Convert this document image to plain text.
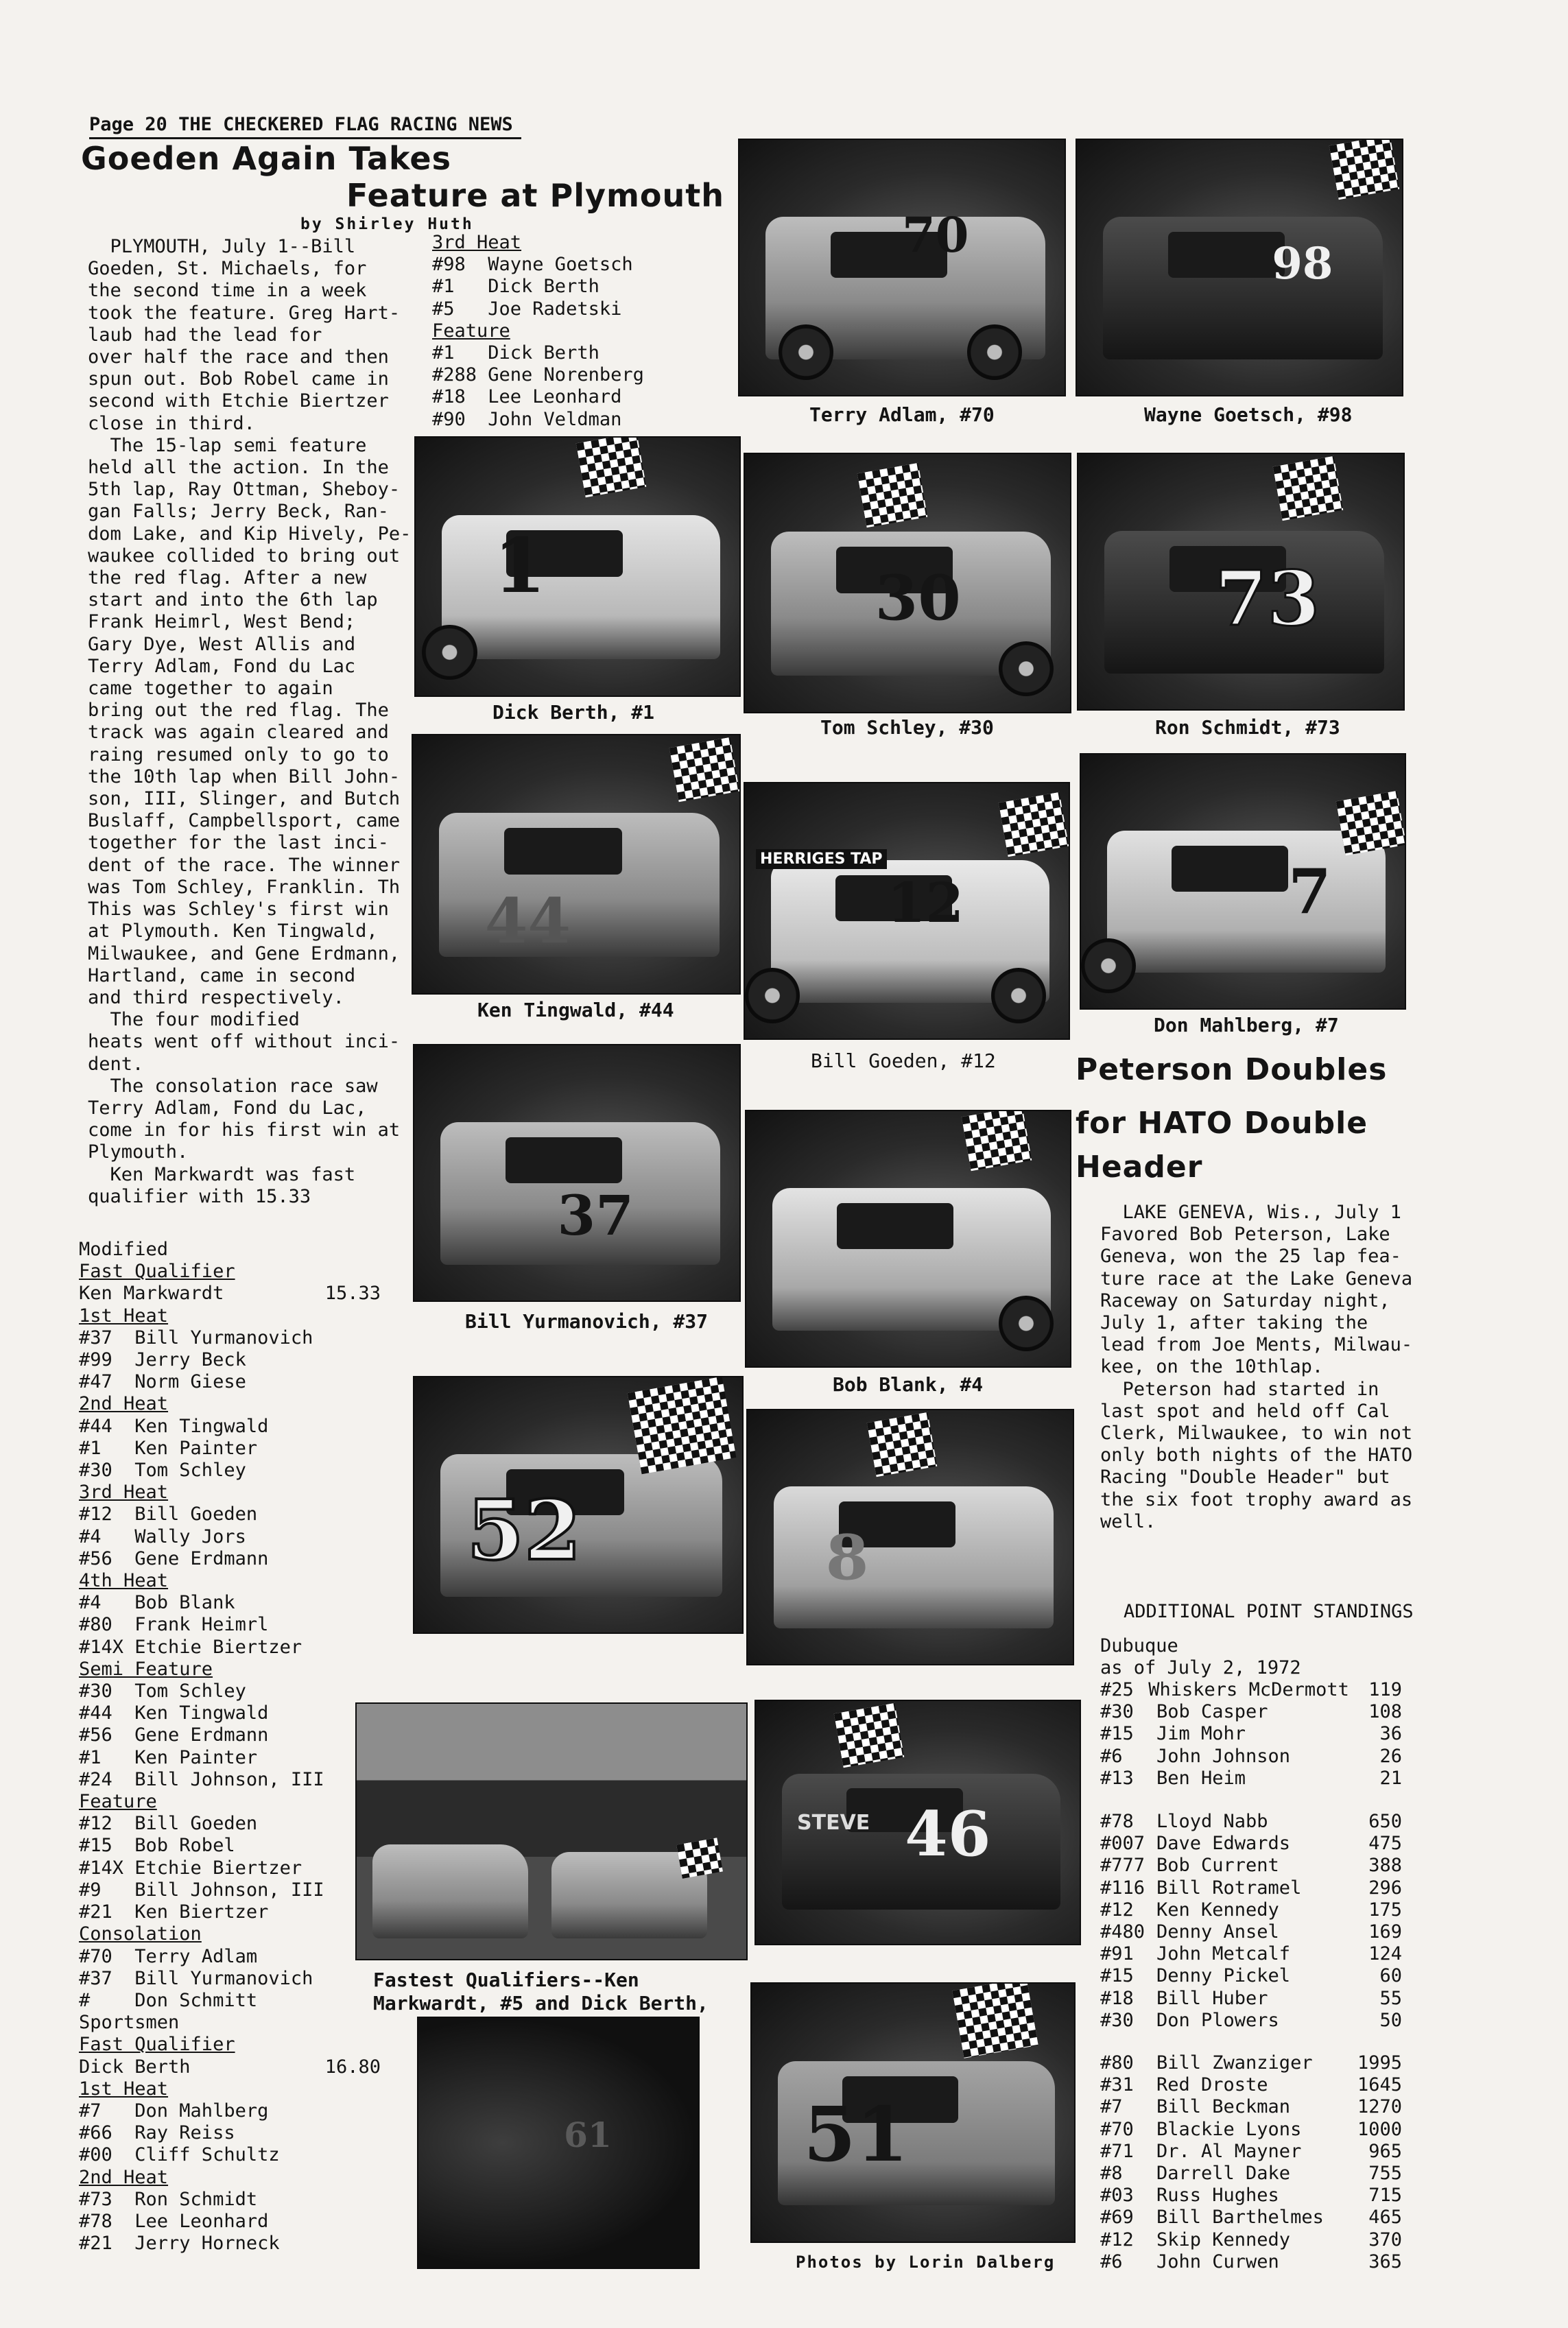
Page 20 THE CHECKERED FLAG RACING NEWS
Goeden Again Takes
Feature at Plymouth
by Shirley Huth
PLYMOUTH, July 1--Bill
Goeden, St. Michaels, for
the second time in a week
took the feature. Greg Hart-
laub had the lead for
over half the race and then
spun out. Bob Robel came in
second with Etchie Biertzer
close in third.
The 15-lap semi feature
held all the action. In the
5th lap, Ray Ottman, Sheboy-
gan Falls; Jerry Beck, Ran-
dom Lake, and Kip Hively, Pe-
waukee collided to bring out
the red flag. After a new
start and into the 6th lap
Frank Heimrl, West Bend;
Gary Dye, West Allis and
Terry Adlam, Fond du Lac
came together to again
bring out the red flag. The
track was again cleared and
raing resumed only to go to
the 10th lap when Bill John-
son, III, Slinger, and Butch
Buslaff, Campbellsport, came
together for the last inci-
dent of the race. The winner
was Tom Schley, Franklin. Th
This was Schley's first win
at Plymouth. Ken Tingwald,
Milwaukee, and Gene Erdmann,
Hartland, came in second
and third respectively.
The four modified
heats went off without inci-
dent.
The consolation race saw
Terry Adlam, Fond du Lac,
come in for his first win at
Plymouth.
Ken Markwardt was fast
qualifier with 15.33
3rd Heat
#98  Wayne Goetsch
#1   Dick Berth
#5   Joe Radetski
Feature
#1   Dick Berth
#288 Gene Norenberg
#18  Lee Leonhard
#90  John Veldman
Modified
Fast Qualifier
Ken Markwardt	15.33
1st Heat
#37  Bill Yurmanovich
#99  Jerry Beck
#47  Norm Giese
2nd Heat
#44  Ken Tingwald
#1   Ken Painter
#30  Tom Schley
3rd Heat
#12  Bill Goeden
#4   Wally Jors
#56  Gene Erdmann
4th Heat
#4   Bob Blank
#80  Frank Heimrl
#14X Etchie Biertzer
Semi Feature
#30  Tom Schley
#44  Ken Tingwald
#56  Gene Erdmann
#1   Ken Painter
#24  Bill Johnson, III
Feature
#12  Bill Goeden
#15  Bob Robel
#14X Etchie Biertzer
#9   Bill Johnson, III
#21  Ken Biertzer
Consolation
#70  Terry Adlam
#37  Bill Yurmanovich
#    Don Schmitt
Sportsmen
Fast Qualifier
Dick Berth	16.80
1st Heat
#7   Don Mahlberg
#66  Ray Reiss
#00  Cliff Schultz
2nd Heat
#73  Ron Schmidt
#78  Lee Leonhard
#21  Jerry Horneck
70
Terry Adlam, #70
98
Wayne Goetsch, #98
1
Dick Berth, #1
30
Tom Schley, #30
73
Ron Schmidt, #73
44
Ken Tingwald, #44
HERRIGES TAP
12
Bill Goeden, #12
7
Don Mahlberg, #7
37
Bill Yurmanovich, #37
Bob Blank, #4
52	8
Fastest Qualifiers--Ken
Markwardt, #5 and Dick Berth,
STEVE 46
61	51
Photos by Lorin Dalberg
Peterson Doubles
for HATO Double
Header
LAKE GENEVA, Wis., July 1
Favored Bob Peterson, Lake
Geneva, won the 25 lap fea-
ture race at the Lake Geneva
Raceway on Saturday night,
July 1, after taking the
lead from Joe Ments, Milwau-
kee, on the 10thlap.
Peterson had started in
last spot and held off Cal
Clerk, Milwaukee, to win not
only both nights of the HATO
Racing "Double Header" but
the six foot trophy award as
well.
ADDITIONAL POINT STANDINGS
Dubuque
as of July 2, 1972
#25 Whiskers McDermott	119
#30	Bob Casper	108
#15	Jim Mohr	36
#6	John Johnson	26
#13	Ben Heim	21
#78	Lloyd Nabb	650
#007 Dave Edwards	475
#777 Bob Current	388
#116 Bill Rotramel	296
#12	Ken Kennedy	175
#480 Denny Ansel	169
#91	John Metcalf	124
#15	Denny Pickel	60
#18	Bill Huber	55
#30	Don Plowers	50
#80	Bill Zwanziger	1995
#31	Red Droste	1645
#7	Bill Beckman	1270
#70	Blackie Lyons	1000
#71	Dr. Al Mayner	965
#8	Darrell Dake	755
#03	Russ Hughes	715
#69	Bill Barthelmes	465
#12	Skip Kennedy	370
#6	John Curwen	365
